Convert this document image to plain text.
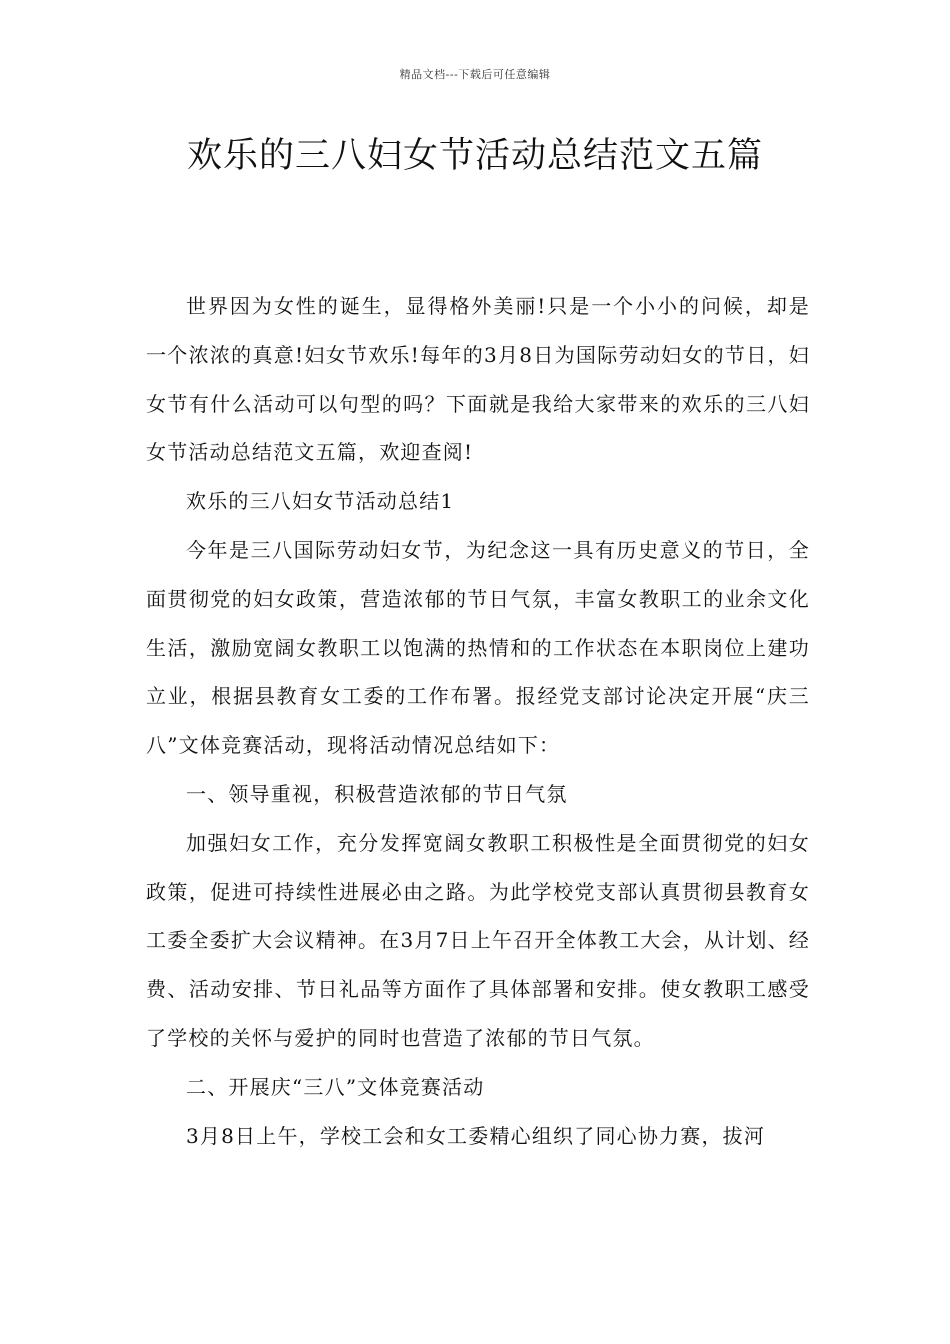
精品文档---下载后可任意编辑
欢乐的三八妇女节活动总结范文五篇

世界因为女性的诞生，显得格外美丽!只是一个小小的问候，却是一个浓浓的真意!妇女节欢乐!每年的3月8日为国际劳动妇女的节日，妇女节有什么活动可以句型的吗？下面就是我给大家带来的欢乐的三八妇女节活动总结范文五篇，欢迎查阅!

欢乐的三八妇女节活动总结1

今年是三八国际劳动妇女节，为纪念这一具有历史意义的节日，全面贯彻党的妇女政策，营造浓郁的节日气氛，丰富女教职工的业余文化生活，激励宽阔女教职工以饱满的热情和的工作状态在本职岗位上建功立业，根据县教育女工委的工作布署。报经党支部讨论决定开展“庆三八”文体竞赛活动，现将活动情况总结如下：

一、领导重视，积极营造浓郁的节日气氛

加强妇女工作，充分发挥宽阔女教职工积极性是全面贯彻党的妇女政策，促进可持续性进展必由之路。为此学校党支部认真贯彻县教育女工委全委扩大会议精神。在3月7日上午召开全体教工大会，从计划、经费、活动安排、节日礼品等方面作了具体部署和安排。使女教职工感受了学校的关怀与爱护的同时也营造了浓郁的节日气氛。

二、开展庆“三八”文体竞赛活动

3月8日上午，学校工会和女工委精心组织了同心协力赛，拔河
